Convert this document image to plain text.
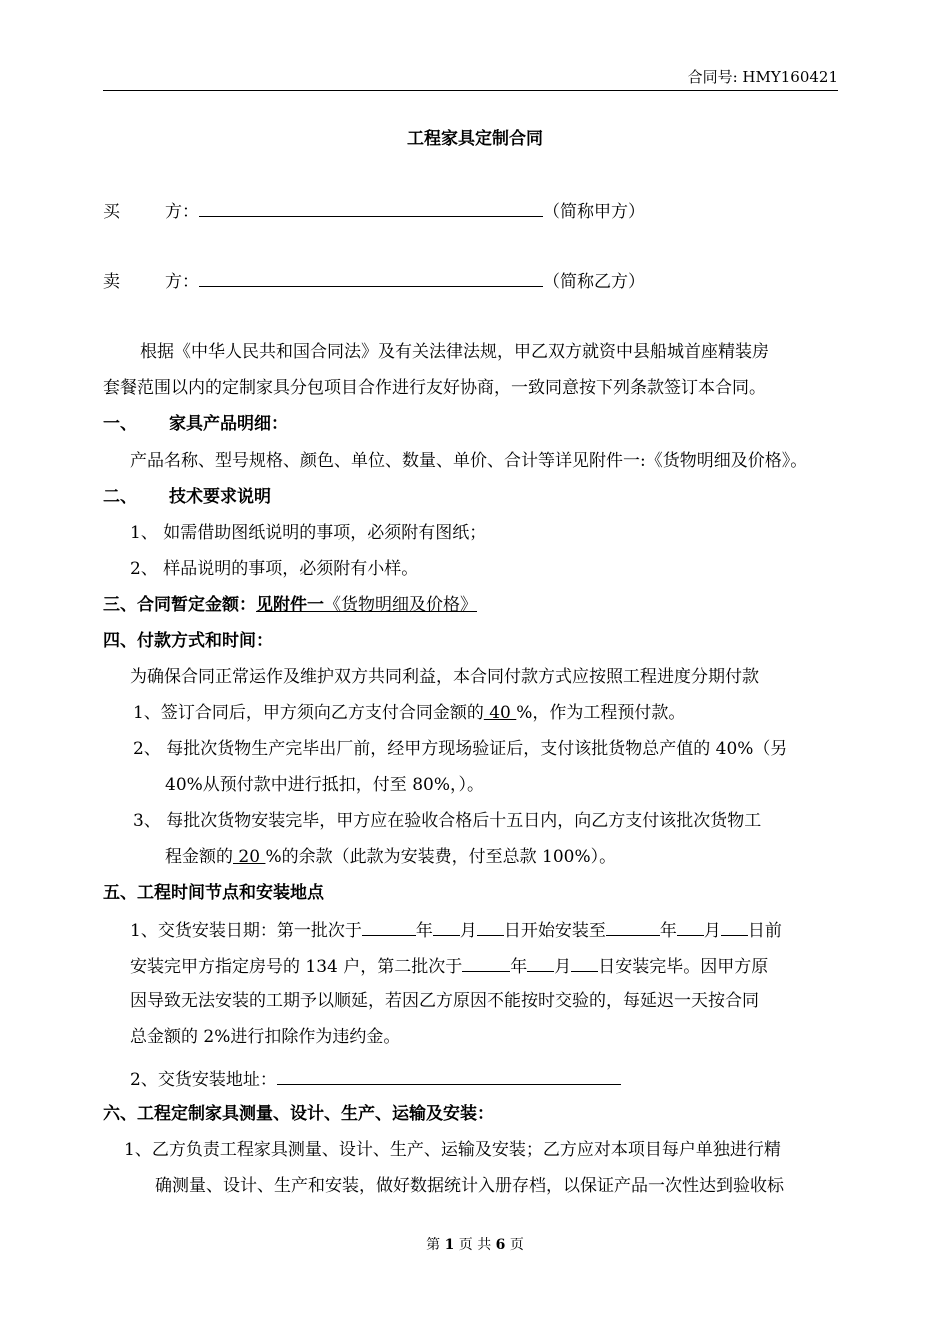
合同号: HMY160421
工程家具定制合同
买	方：	（简称甲方）
卖	方：	（简称乙方）
根据《中华人民共和国合同法》及有关法律法规，甲乙双方就资中县船城首座精装房
套餐范围以内的定制家具分包项目合作进行友好协商，一致同意按下列条款签订本合同。
一、 家具产品明细：
产品名称、型号规格、颜色、单位、数量、单价、合计等详见附件一:《货物明细及价格》。
二、 技术要求说明
1、 如需借助图纸说明的事项，必须附有图纸；
2、 样品说明的事项，必须附有小样。
三、合同暂定金额：见附件一《货物明细及价格》
四、付款方式和时间：
为确保合同正常运作及维护双方共同利益，本合同付款方式应按照工程进度分期付款
1、签订合同后，甲方须向乙方支付合同金额的 40 %，作为工程预付款。
2、 每批次货物生产完毕出厂前，经甲方现场验证后，支付该批货物总产值的 40%（另
40%从预付款中进行抵扣，付至 80%，）。
3、 每批次货物安装完毕，甲方应在验收合格后十五日内，向乙方支付该批次货物工
程金额的 20 %的余款（此款为安装费，付至总款 100%）。
五、工程时间节点和安装地点
1、交货安装日期：第一批次于	年 月 日开始安装至	年 月 日前
安装完甲方指定房号的 134 户，第二批次于	年 月 日安装完毕。因甲方原
因导致无法安装的工期予以顺延，若因乙方原因不能按时交验的，每延迟一天按合同
总金额的 2%进行扣除作为违约金。
2、交货安装地址：
六、工程定制家具测量、设计、生产、运输及安装：
1、乙方负责工程家具测量、设计、生产、运输及安装；乙方应对本项目每户单独进行精
确测量、设计、生产和安装，做好数据统计入册存档，以保证产品一次性达到验收标
第 1 页 共 6 页
